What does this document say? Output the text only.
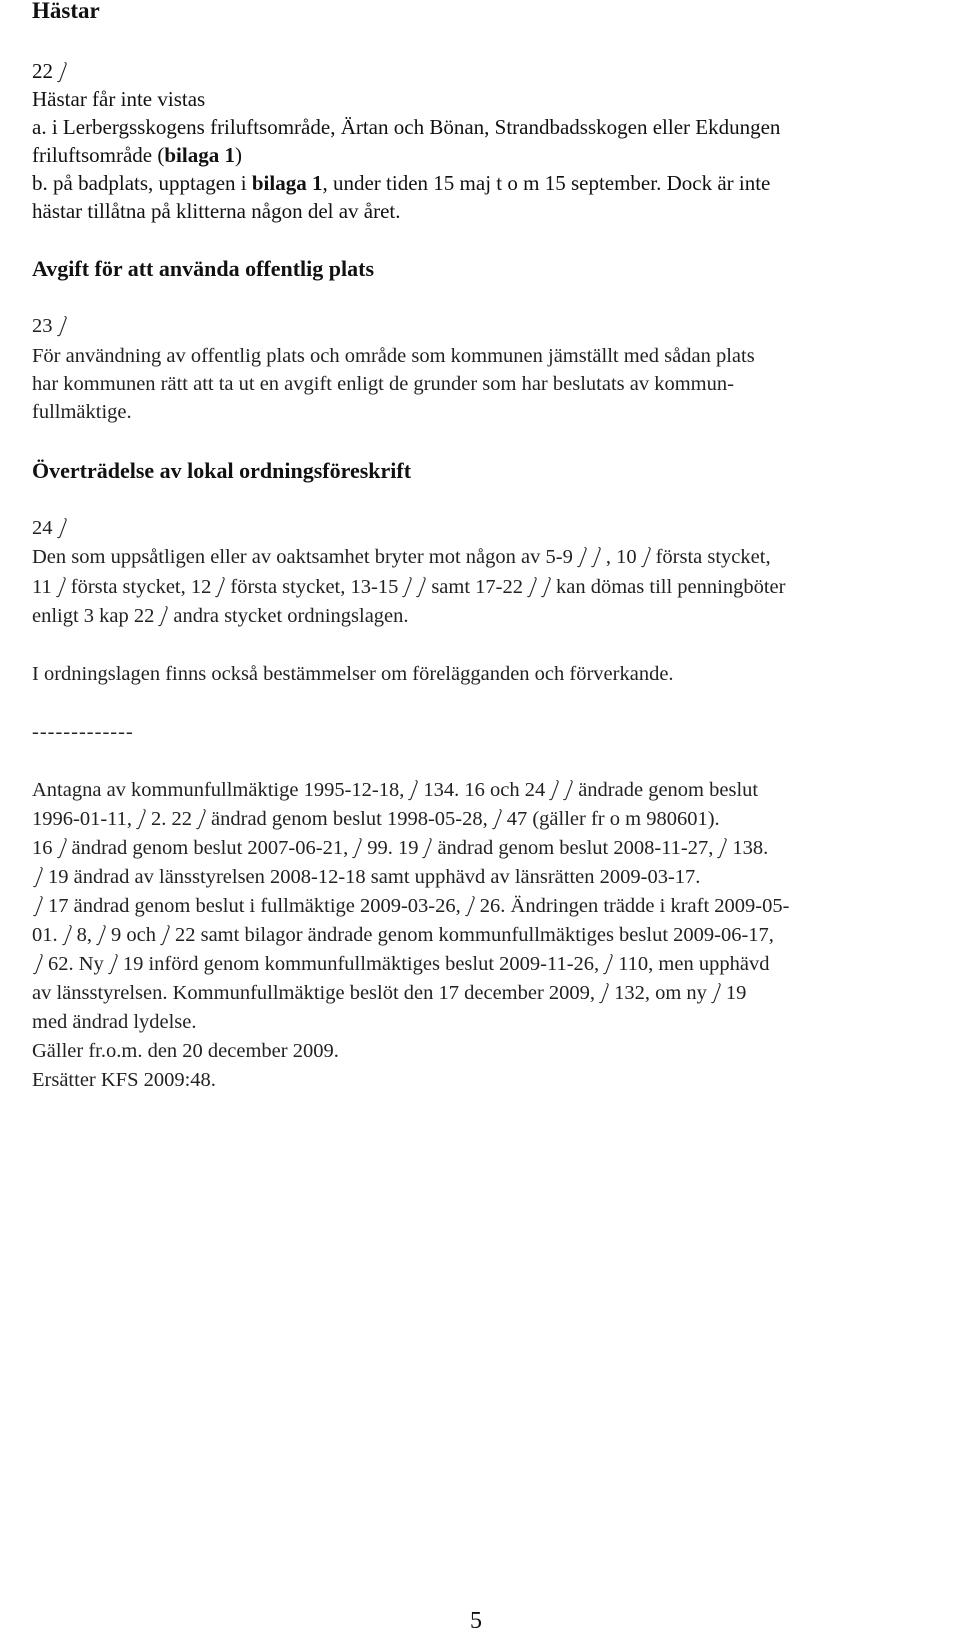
Hästar
22
Hästar får inte vistas
a. i Lerbergsskogens friluftsområde, Ärtan och Bönan, Strandbadsskogen eller Ekdungen
friluftsområde (bilaga 1)
b. på badplats, upptagen i bilaga 1, under tiden 15 maj t o m 15 september. Dock är inte
hästar tillåtna på klitterna någon del av året.
Avgift för att använda offentlig plats
23
För användning av offentlig plats och område som kommunen jämställt med sådan plats
har kommunen rätt att ta ut en avgift enligt de grunder som har beslutats av kommun-
fullmäktige.
Överträdelse av lokal ordningsföreskrift
24
Den som uppsåtligen eller av oaktsamhet bryter mot någon av 5-9 , 10 första stycket,
11 första stycket, 12 första stycket, 13-15 samt 17-22 kan dömas till penningböter
enligt 3 kap 22 andra stycket ordningslagen.
I ordningslagen finns också bestämmelser om förelägganden och förverkande.
-------------
Antagna av kommunfullmäktige 1995-12-18, 134. 16 och 24 ändrade genom beslut
1996-01-11, 2. 22 ändrad genom beslut 1998-05-28, 47 (gäller fr o m 980601).
16 ändrad genom beslut 2007-06-21, 99. 19 ändrad genom beslut 2008-11-27, 138.
19 ändrad av länsstyrelsen 2008-12-18 samt upphävd av länsrätten 2009-03-17.
17 ändrad genom beslut i fullmäktige 2009-03-26, 26. Ändringen trädde i kraft 2009-05-
01. 8, 9 och 22 samt bilagor ändrade genom kommunfullmäktiges beslut 2009-06-17,
62. Ny 19 införd genom kommunfullmäktiges beslut 2009-11-26, 110, men upphävd
av länsstyrelsen. Kommunfullmäktige beslöt den 17 december 2009, 132, om ny 19
med ändrad lydelse.
Gäller fr.o.m. den 20 december 2009.
Ersätter KFS 2009:48.
5
